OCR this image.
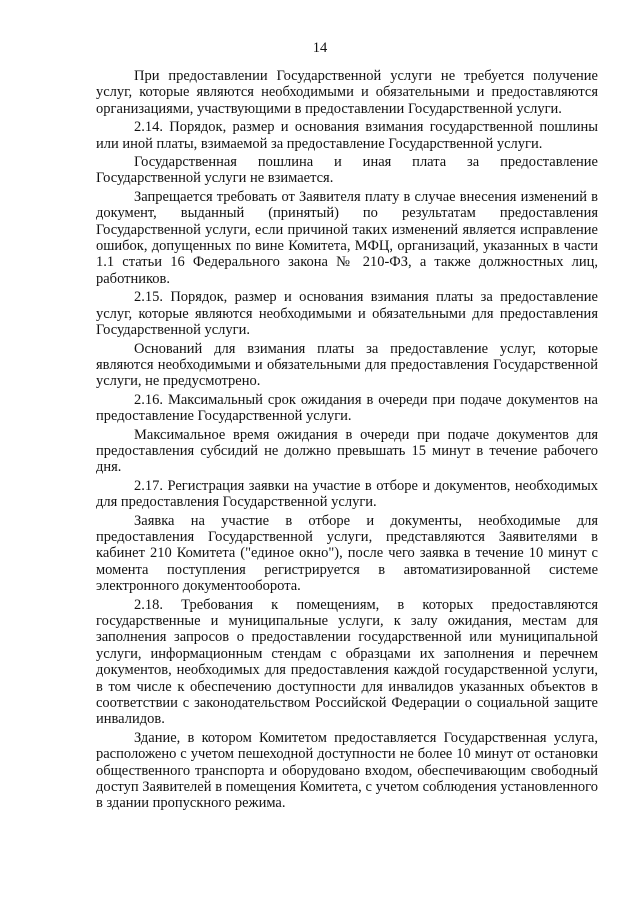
14

При предоставлении Государственной услуги не требуется получение услуг, которые являются необходимыми и обязательными и предоставляются организациями, участвующими в предоставлении Государственной услуги.

2.14. Порядок, размер и основания взимания государственной пошлины или иной платы, взимаемой за предоставление Государственной услуги.

Государственная пошлина и иная плата за предоставление Государственной услуги не взимается.

Запрещается требовать от Заявителя плату в случае внесения изменений в документ, выданный (принятый) по результатам предоставления Государственной услуги, если причиной таких изменений является исправление ошибок, допущенных по вине Комитета, МФЦ, организаций, указанных в части 1.1 статьи 16 Федерального закона № 210-ФЗ, а также должностных лиц, работников.

2.15. Порядок, размер и основания взимания платы за предоставление услуг, которые являются необходимыми и обязательными для предоставления Государственной услуги.

Оснований для взимания платы за предоставление услуг, которые являются необходимыми и обязательными для предоставления Государственной услуги, не предусмотрено.

2.16. Максимальный срок ожидания в очереди при подаче документов на предоставление Государственной услуги.

Максимальное время ожидания в очереди при подаче документов для предоставления субсидий не должно превышать 15 минут в течение рабочего дня.

2.17. Регистрация заявки на участие в отборе и документов, необходимых для предоставления Государственной услуги.

Заявка на участие в отборе и документы, необходимые для предоставления Государственной услуги, представляются Заявителями в кабинет 210 Комитета ("единое окно"), после чего заявка в течение 10 минут с момента поступления регистрируется в автоматизированной системе электронного документооборота.

2.18. Требования к помещениям, в которых предоставляются государственные и муниципальные услуги, к залу ожидания, местам для заполнения запросов о предоставлении государственной или муниципальной услуги, информационным стендам с образцами их заполнения и перечнем документов, необходимых для предоставления каждой государственной услуги, в том числе к обеспечению доступности для инвалидов указанных объектов в соответствии с законодательством Российской Федерации о социальной защите инвалидов.

Здание, в котором Комитетом предоставляется Государственная услуга, расположено с учетом пешеходной доступности не более 10 минут от остановки общественного транспорта и оборудовано входом, обеспечивающим свободный доступ Заявителей в помещения Комитета, с учетом соблюдения установленного в здании пропускного режима.
